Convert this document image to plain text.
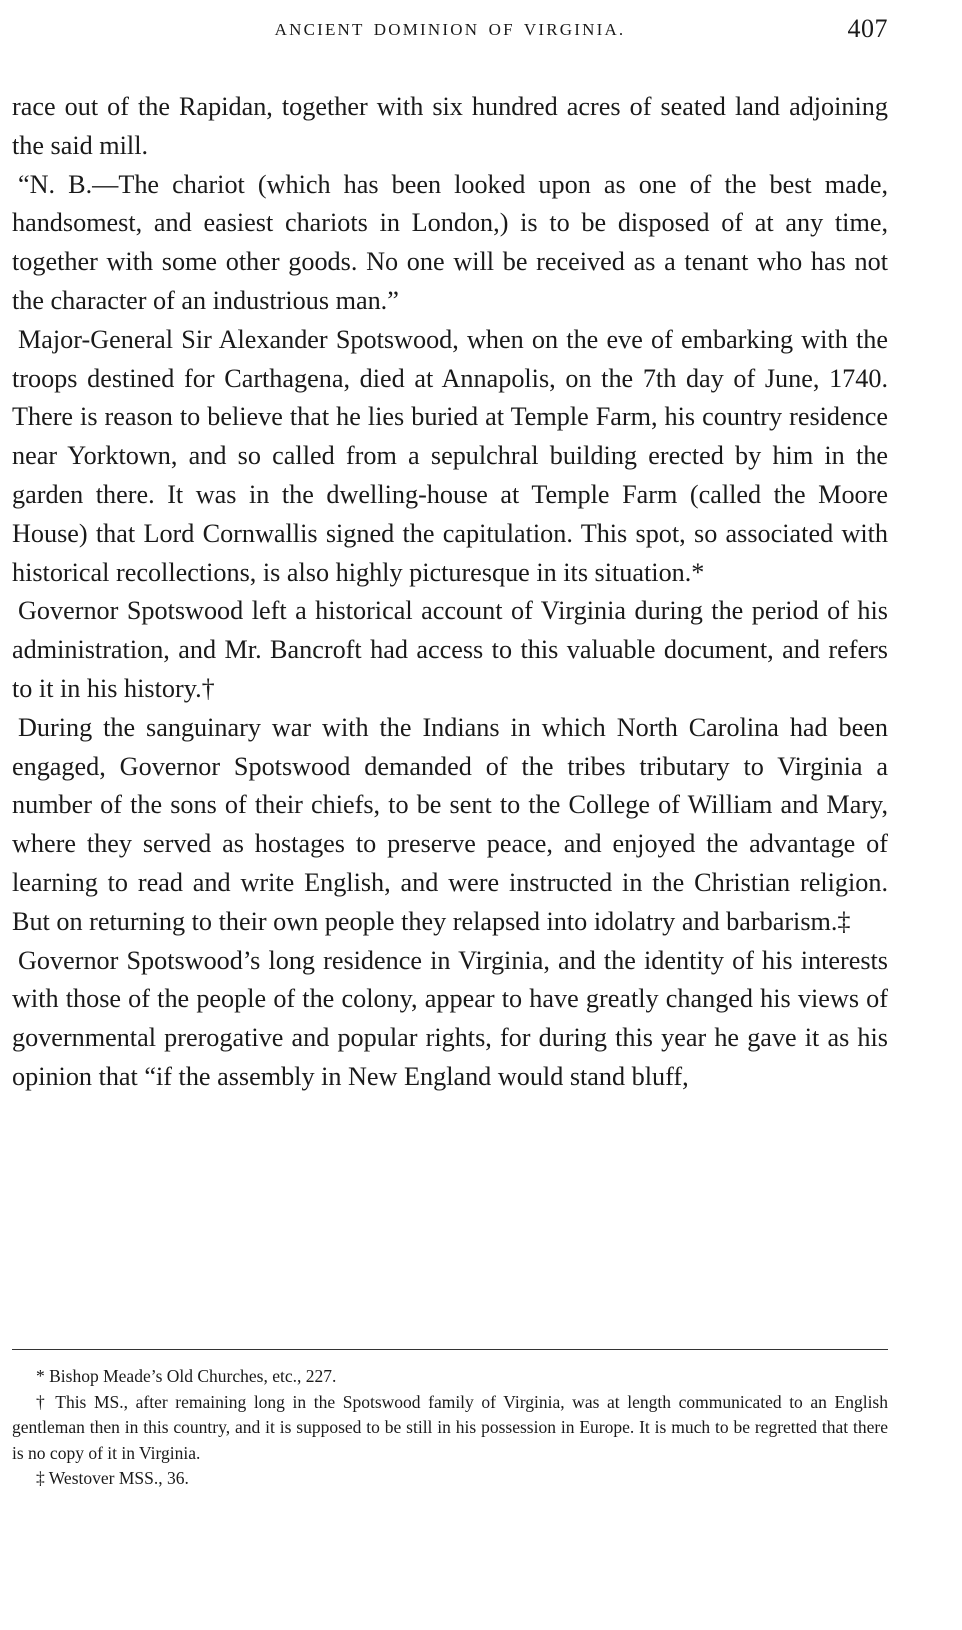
ANCIENT DOMINION OF VIRGINIA.	407

race out of the Rapidan, together with six hundred acres of seated land adjoining the said mill.

“N. B.—The chariot (which has been looked upon as one of the best made, handsomest, and easiest chariots in London,) is to be disposed of at any time, together with some other goods. No one will be received as a tenant who has not the character of an industrious man.”

Major-General Sir Alexander Spotswood, when on the eve of embarking with the troops destined for Carthagena, died at Annapolis, on the 7th day of June, 1740. There is reason to believe that he lies buried at Temple Farm, his country residence near Yorktown, and so called from a sepulchral building erected by him in the garden there. It was in the dwelling-house at Temple Farm (called the Moore House) that Lord Cornwallis signed the capitulation. This spot, so associated with historical recollections, is also highly picturesque in its situation.*

Governor Spotswood left a historical account of Virginia during the period of his administration, and Mr. Bancroft had access to this valuable document, and refers to it in his history.†

During the sanguinary war with the Indians in which North Carolina had been engaged, Governor Spotswood demanded of the tribes tributary to Virginia a number of the sons of their chiefs, to be sent to the College of William and Mary, where they served as hostages to preserve peace, and enjoyed the advantage of learning to read and write English, and were instructed in the Christian religion. But on returning to their own people they relapsed into idolatry and barbarism.‡

Governor Spotswood’s long residence in Virginia, and the identity of his interests with those of the people of the colony, appear to have greatly changed his views of governmental prerogative and popular rights, for during this year he gave it as his opinion that “if the assembly in New England would stand bluff,

* Bishop Meade’s Old Churches, etc., 227.

† This MS., after remaining long in the Spotswood family of Virginia, was at length communicated to an English gentleman then in this country, and it is supposed to be still in his possession in Europe. It is much to be regretted that there is no copy of it in Virginia.

‡ Westover MSS., 36.
